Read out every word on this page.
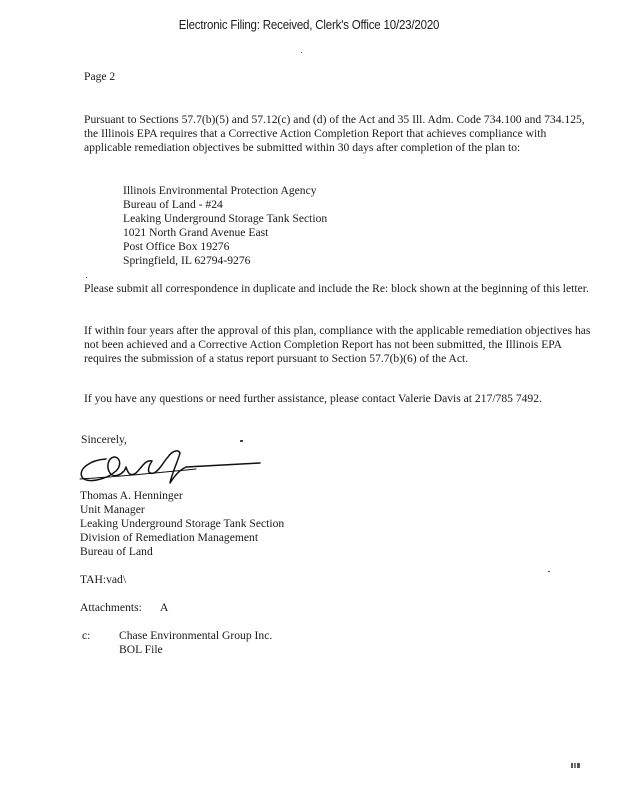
Electronic Filing: Received, Clerk's Office 10/23/2020
Page 2
Pursuant to Sections 57.7(b)(5) and 57.12(c) and (d) of the Act and 35 Ill. Adm. Code 734.100 and 734.125, the Illinois EPA requires that a Corrective Action Completion Report that achieves compliance with applicable remediation objectives be submitted within 30 days after completion of the plan to:
Illinois Environmental Protection Agency
Bureau of Land - #24
Leaking Underground Storage Tank Section
1021 North Grand Avenue East
Post Office Box 19276
Springfield, IL 62794-9276
Please submit all correspondence in duplicate and include the Re: block shown at the beginning of this letter.
If within four years after the approval of this plan, compliance with the applicable remediation objectives has not been achieved and a Corrective Action Completion Report has not been submitted, the Illinois EPA requires the submission of a status report pursuant to Section 57.7(b)(6) of the Act.
If you have any questions or need further assistance, please contact Valerie Davis at 217/785 7492.
Sincerely,
Thomas A. Henninger
Unit Manager
Leaking Underground Storage Tank Section
Division of Remediation Management
Bureau of Land
TAH:vad\
Attachments: A
c: Chase Environmental Group Inc.
BOL File
